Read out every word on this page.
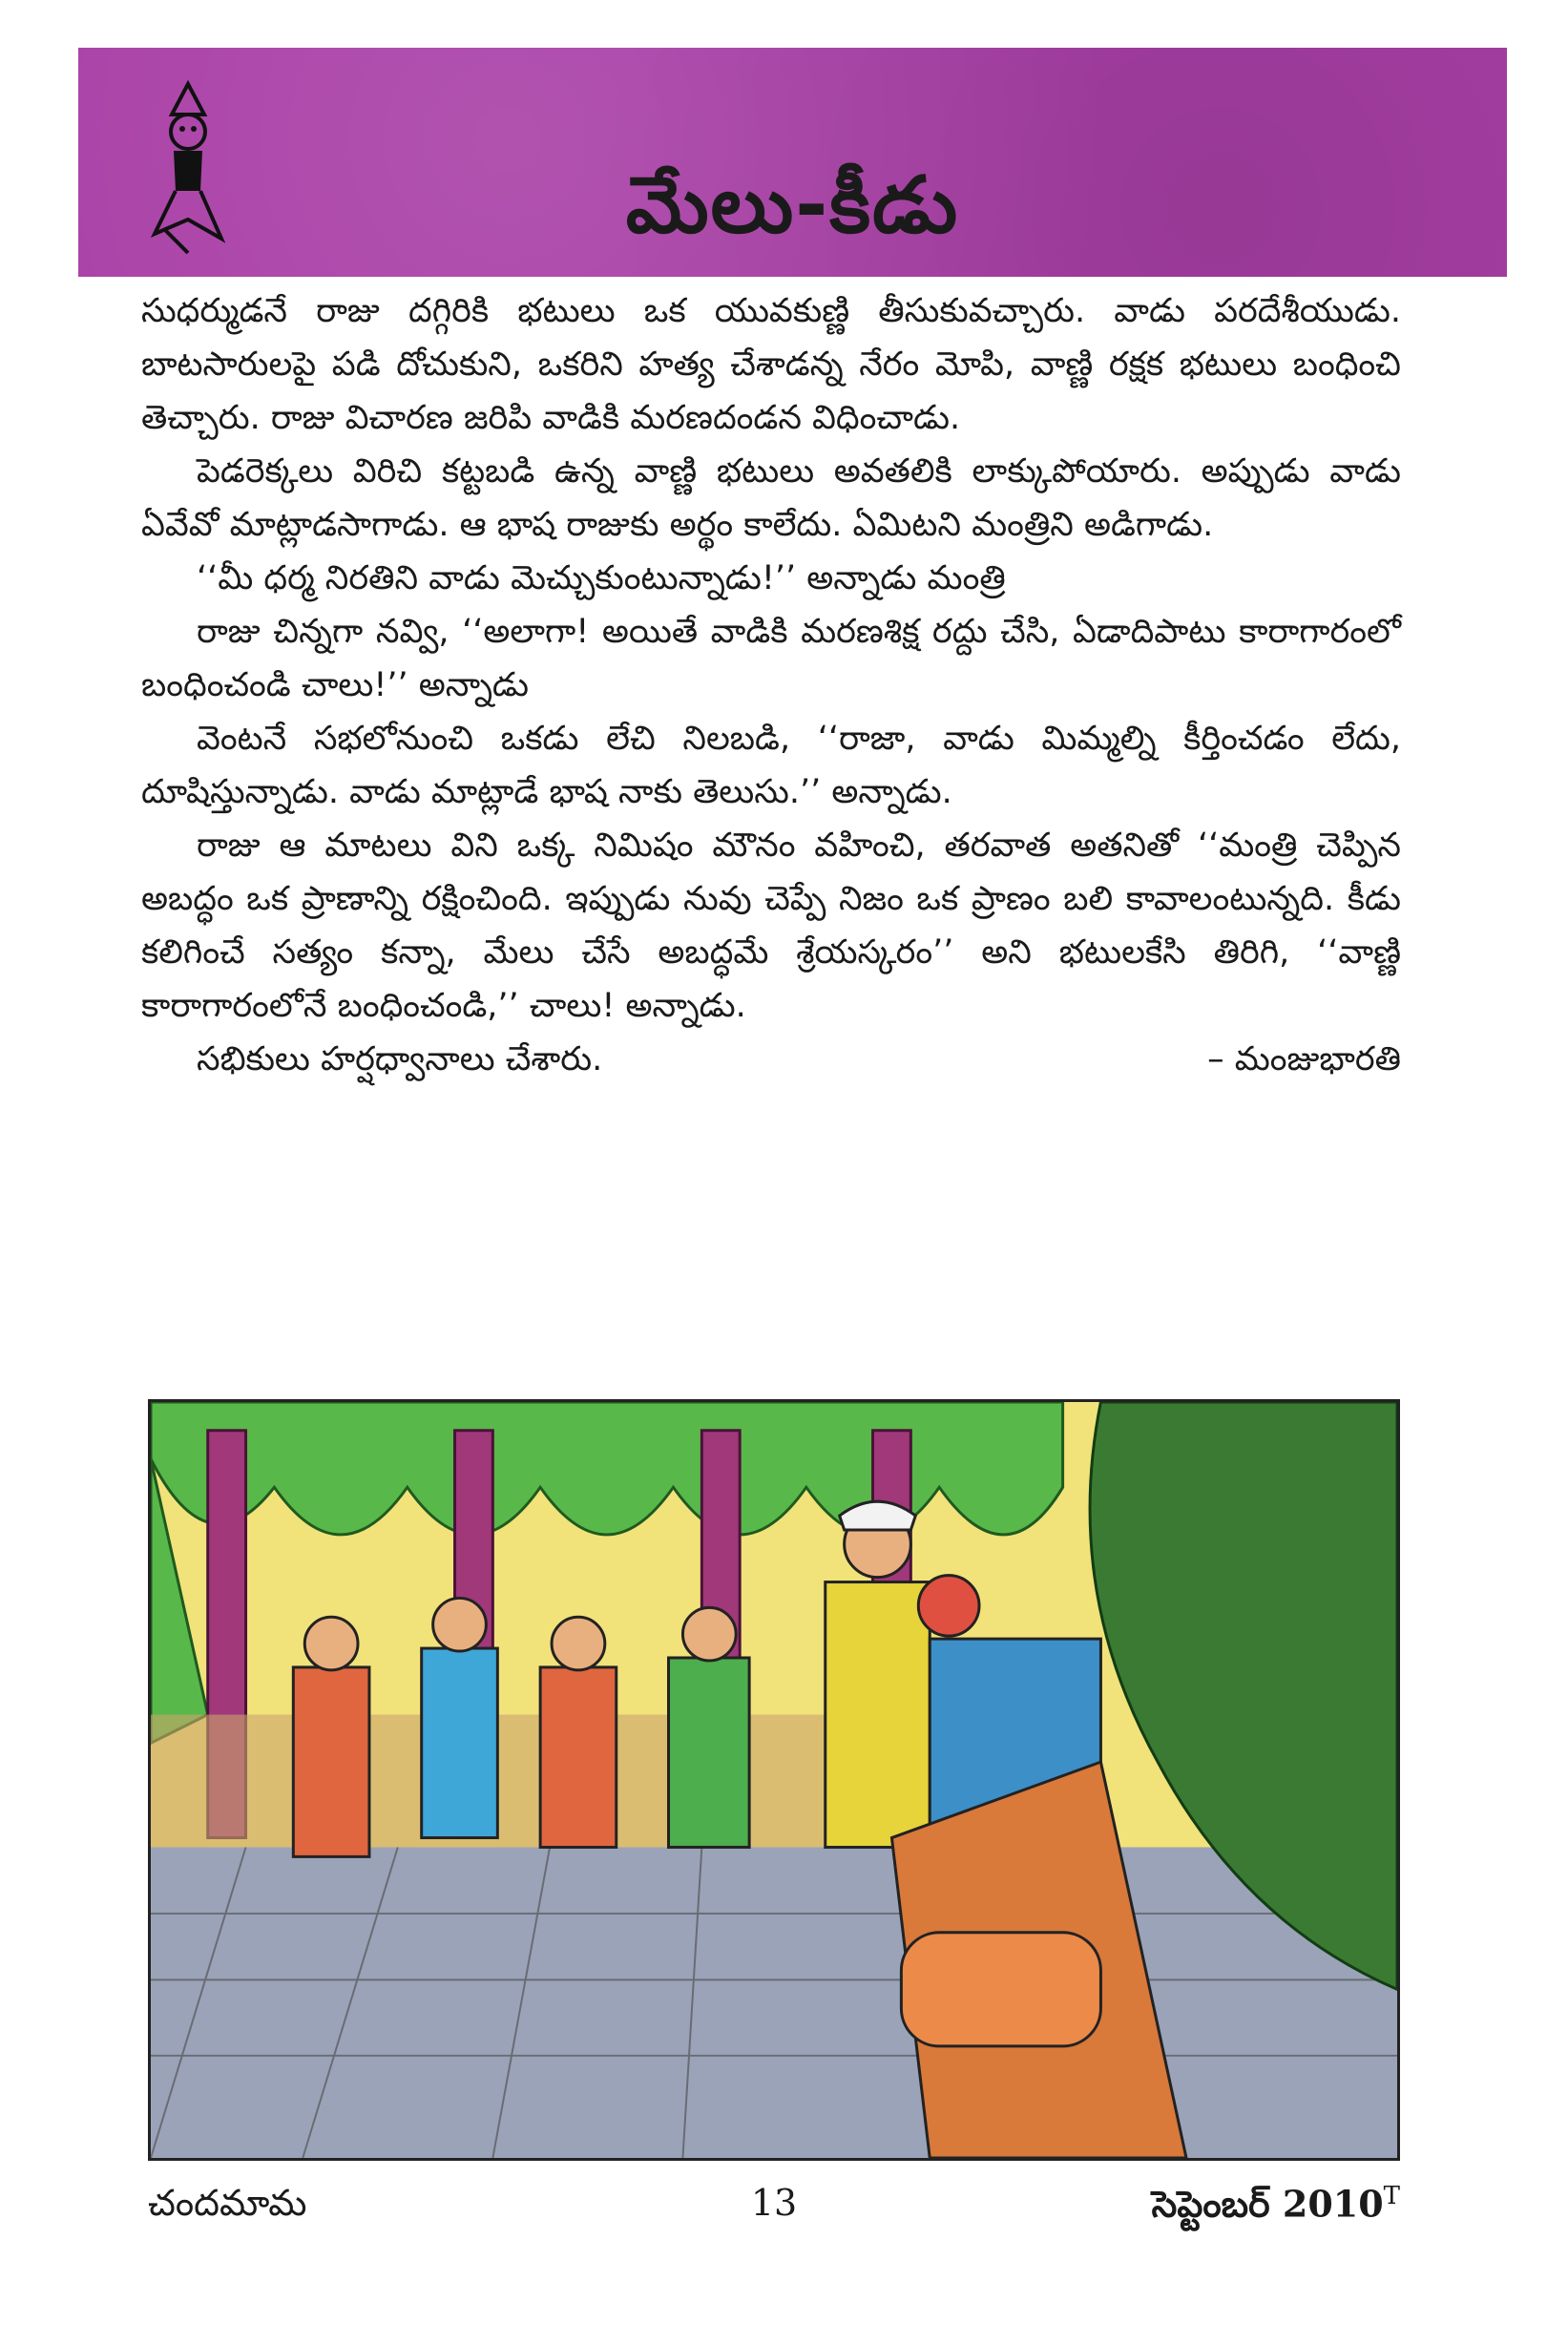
మేలు-కీడు

సుధర్ముడనే రాజు దగ్గిరికి భటులు ఒక యువకుణ్ణి తీసుకువచ్చారు. వాడు పరదేశీయుడు. బాటసారులపై పడి దోచుకుని, ఒకరిని హత్య చేశాడన్న నేరం మోపి, వాణ్ణి రక్షక భటులు బంధించి తెచ్చారు. రాజు విచారణ జరిపి వాడికి మరణదండన విధించాడు.

పెడరెక్కలు విరిచి కట్టబడి ఉన్న వాణ్ణి భటులు అవతలికి లాక్కుపోయారు. అప్పుడు వాడు ఏవేవో మాట్లాడసాగాడు. ఆ భాష రాజుకు అర్థం కాలేదు. ఏమిటని మంత్రిని అడిగాడు.

‘‘మీ ధర్మ నిరతిని వాడు మెచ్చుకుంటున్నాడు!’’ అన్నాడు మంత్రి

రాజు చిన్నగా నవ్వి, ‘‘అలాగా! అయితే వాడికి మరణశిక్ష రద్దు చేసి, ఏడాదిపాటు కారాగారంలో బంధించండి చాలు!’’ అన్నాడు

వెంటనే సభలోనుంచి ఒకడు లేచి నిలబడి, ‘‘రాజా, వాడు మిమ్మల్ని కీర్తించడం లేదు, దూషిస్తున్నాడు. వాడు మాట్లాడే భాష నాకు తెలుసు.’’ అన్నాడు.

రాజు ఆ మాటలు విని ఒక్క నిమిషం మౌనం వహించి, తరవాత అతనితో ‘‘మంత్రి చెప్పిన అబద్ధం ఒక ప్రాణాన్ని రక్షించింది. ఇప్పుడు నువు చెప్పే నిజం ఒక ప్రాణం బలి కావాలంటున్నది. కీడు కలిగించే సత్యం కన్నా, మేలు చేసే అబద్ధమే శ్రేయస్కరం’’ అని భటులకేసి తిరిగి, ‘‘వాణ్ణి కారాగారంలోనే బంధించండి,’’ చాలు! అన్నాడు.

సభికులు హర్షధ్వానాలు చేశారు.	– మంజుభారతి
చందమామ	13	సెప్టెంబర్ $2010^T$
